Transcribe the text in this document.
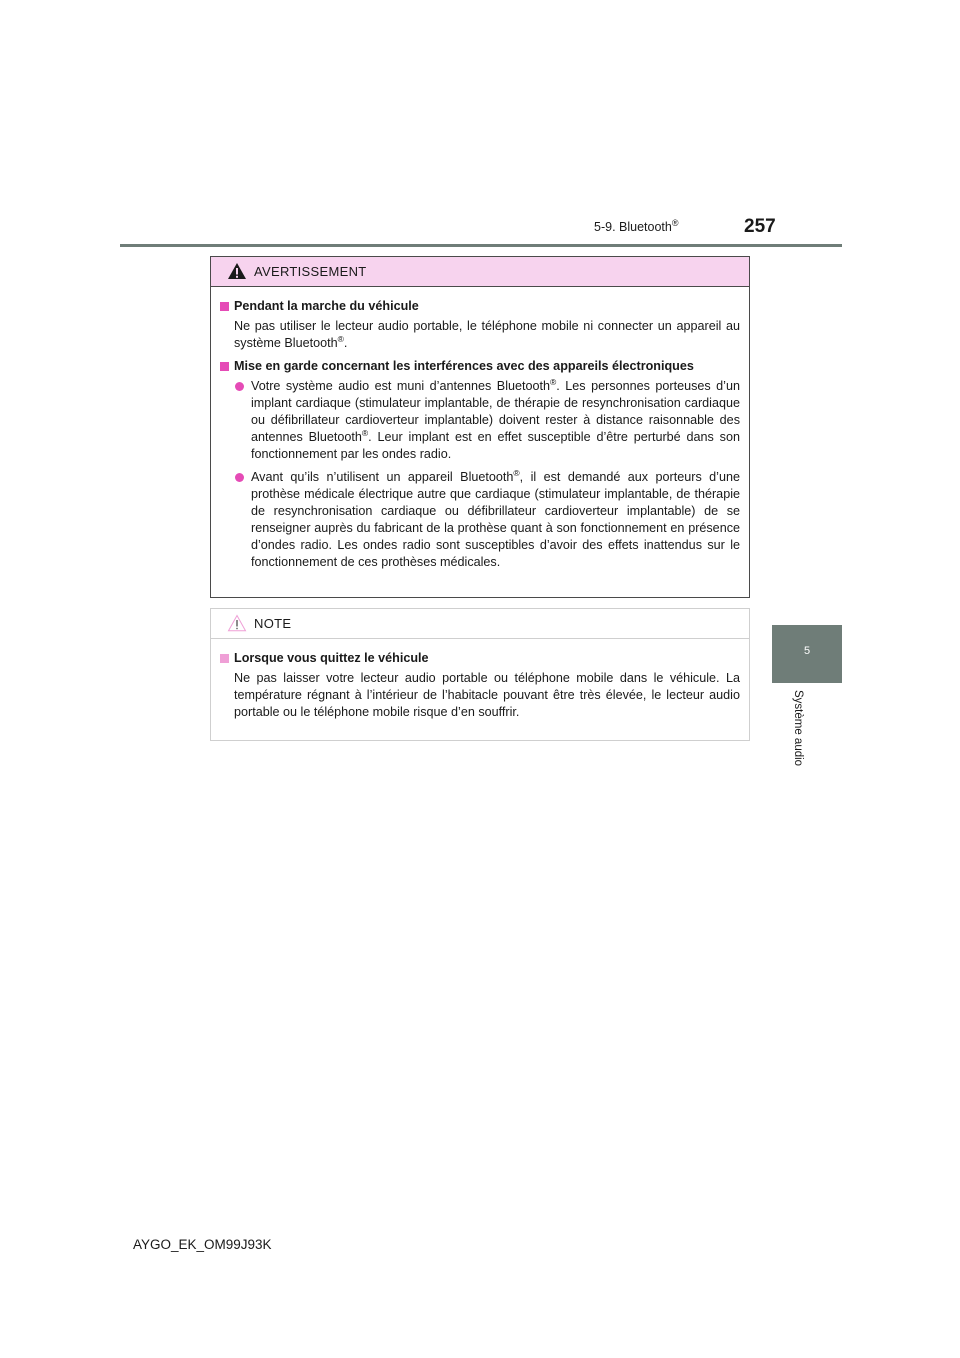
5-9. Bluetooth®	257
5
Système audio
AVERTISSEMENT
Pendant la marche du véhicule
Ne pas utiliser le lecteur audio portable, le téléphone mobile ni connecter un appareil au système Bluetooth®.
Mise en garde concernant les interférences avec des appareils électroniques
Votre système audio est muni d’antennes Bluetooth®. Les personnes porteuses d’un implant cardiaque (stimulateur implantable, de thérapie de resynchronisation cardiaque ou défibrillateur cardioverteur implantable) doivent rester à distance raisonnable des antennes Bluetooth®. Leur implant est en effet susceptible d’être perturbé dans son fonctionnement par les ondes radio.
Avant qu’ils n’utilisent un appareil Bluetooth®, il est demandé aux porteurs d’une prothèse médicale électrique autre que cardiaque (stimulateur implantable, de thérapie de resynchronisation cardiaque ou défibrillateur cardioverteur implantable) de se renseigner auprès du fabricant de la prothèse quant à son fonctionnement en présence d’ondes radio. Les ondes radio sont susceptibles d’avoir des effets inattendus sur le fonctionnement de ces prothèses médicales.
NOTE
Lorsque vous quittez le véhicule
Ne pas laisser votre lecteur audio portable ou téléphone mobile dans le véhicule. La température régnant à l’intérieur de l’habitacle pouvant être très élevée, le lecteur audio portable ou le téléphone mobile risque d’en souffrir.
AYGO_EK_OM99J93K
